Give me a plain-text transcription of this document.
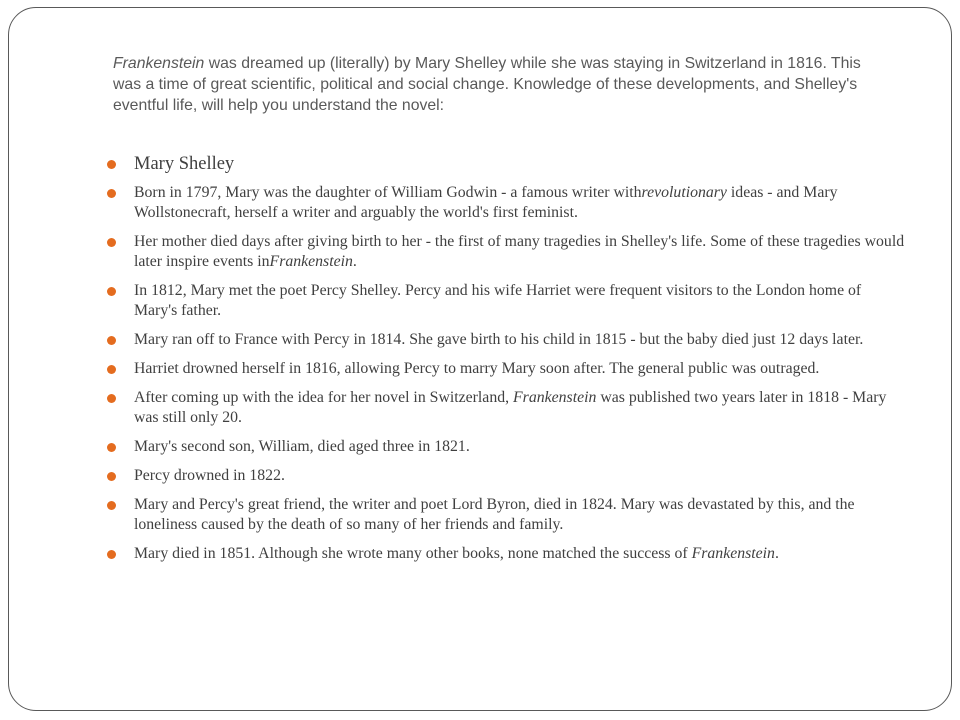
Frankenstein was dreamed up (literally) by Mary Shelley while she was staying in Switzerland in 1816. This was a time of great scientific, political and social change. Knowledge of these developments, and Shelley's eventful life, will help you understand the novel:

Mary Shelley
Born in 1797, Mary was the daughter of William Godwin - a famous writer withrevolutionary ideas - and Mary Wollstonecraft, herself a writer and arguably the world's first feminist.
Her mother died days after giving birth to her - the first of many tragedies in Shelley's life. Some of these tragedies would later inspire events inFrankenstein.
In 1812, Mary met the poet Percy Shelley. Percy and his wife Harriet were frequent visitors to the London home of Mary's father.
Mary ran off to France with Percy in 1814. She gave birth to his child in 1815 - but the baby died just 12 days later.
Harriet drowned herself in 1816, allowing Percy to marry Mary soon after. The general public was outraged.
After coming up with the idea for her novel in Switzerland, Frankenstein was published two years later in 1818 - Mary was still only 20.
Mary's second son, William, died aged three in 1821.
Percy drowned in 1822.
Mary and Percy's great friend, the writer and poet Lord Byron, died in 1824. Mary was devastated by this, and the loneliness caused by the death of so many of her friends and family.
Mary died in 1851. Although she wrote many other books, none matched the success of Frankenstein.
